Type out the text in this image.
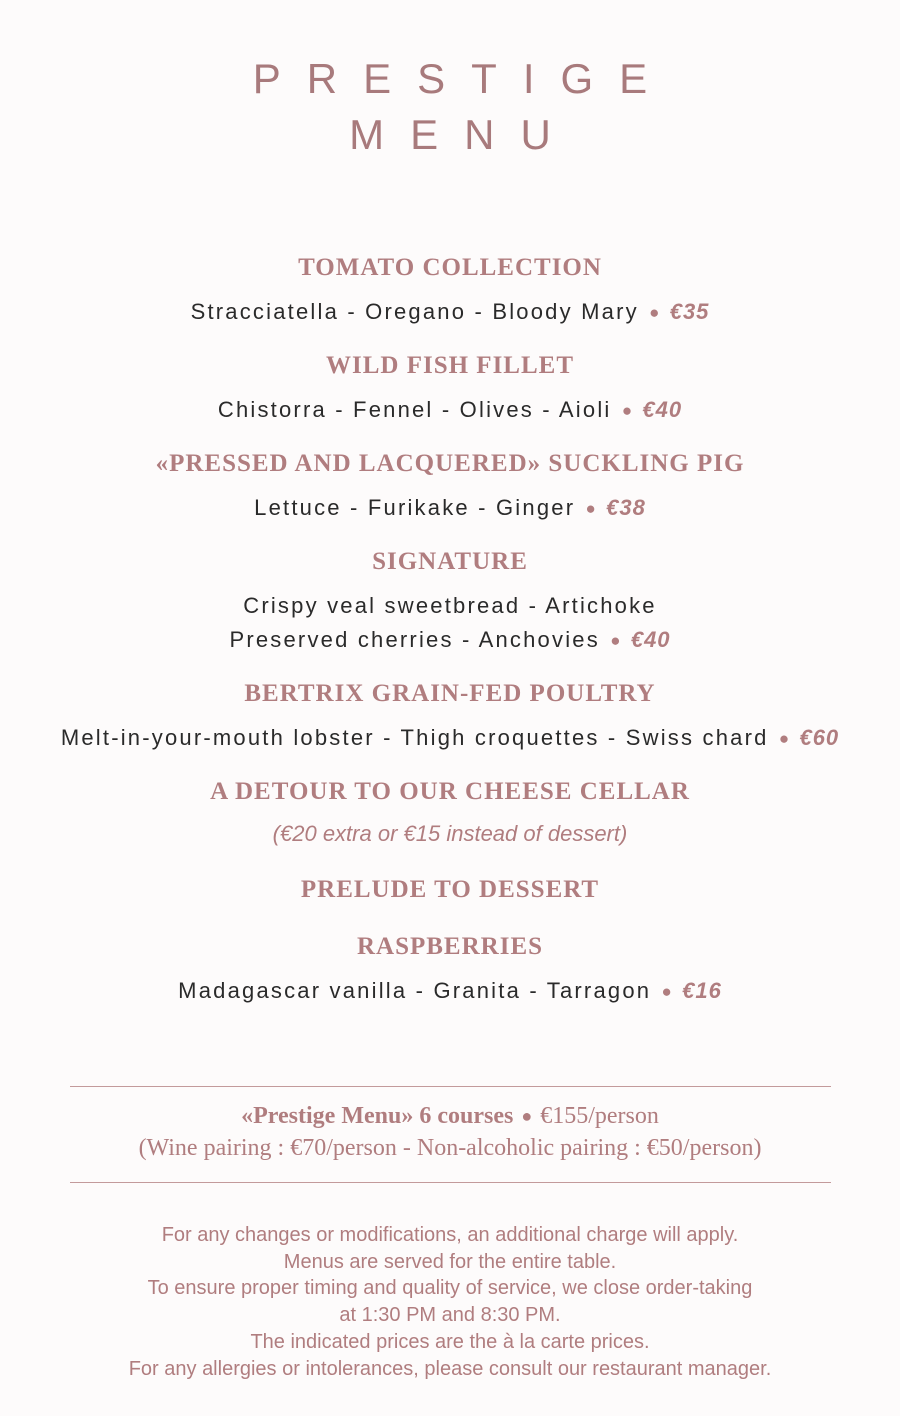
PRESTIGE
MENU
TOMATO COLLECTION
Stracciatella - Oregano - Bloody Mary ● €35
WILD FISH FILLET
Chistorra - Fennel - Olives - Aioli ● €40
«PRESSED AND LACQUERED» SUCKLING PIG
Lettuce - Furikake - Ginger ● €38
SIGNATURE
Crispy veal sweetbread - Artichoke
Preserved cherries - Anchovies ● €40
BERTRIX GRAIN-FED POULTRY
Melt-in-your-mouth lobster - Thigh croquettes - Swiss chard ● €60
A DETOUR TO OUR CHEESE CELLAR
(€20 extra or €15 instead of dessert)
PRELUDE TO DESSERT
RASPBERRIES
Madagascar vanilla - Granita - Tarragon ● €16
«Prestige Menu» 6 courses ● €155/person
(Wine pairing : €70/person - Non-alcoholic pairing : €50/person)
For any changes or modifications, an additional charge will apply.
Menus are served for the entire table.
To ensure proper timing and quality of service, we close order-taking
at 1:30 PM and 8:30 PM.
The indicated prices are the à la carte prices.
For any allergies or intolerances, please consult our restaurant manager.
